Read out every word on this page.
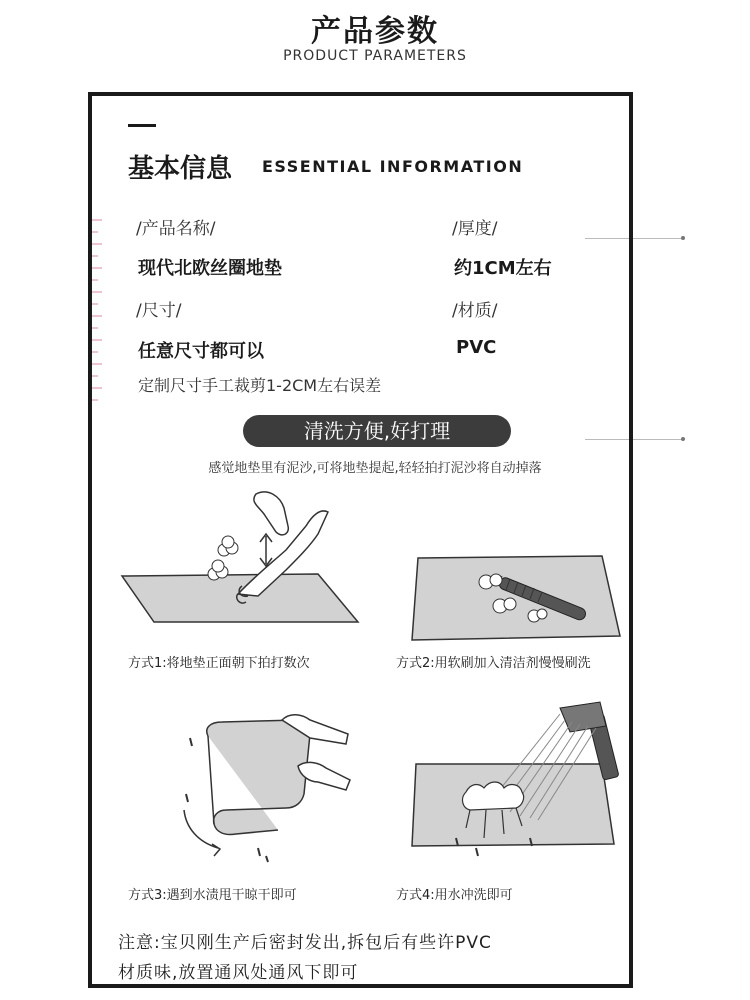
产品参数
PRODUCT PARAMETERS
基本信息 ESSENTIAL INFORMATION
/产品名称/
现代北欧丝圈地垫
/厚度/
约1CM左右
/尺寸/
任意尺寸都可以
/材质/
PVC
定制尺寸手工裁剪1-2CM左右误差
清洗方便,好打理
感觉地垫里有泥沙,可将地垫提起,轻轻拍打泥沙将自动掉落
方式1:将地垫正面朝下拍打数次	方式2:用软刷加入清洁剂慢慢刷洗
方式3:遇到水渍甩干晾干即可	方式4:用水冲洗即可
注意:宝贝刚生产后密封发出,拆包后有些许PVC
材质味,放置通风处通风下即可
